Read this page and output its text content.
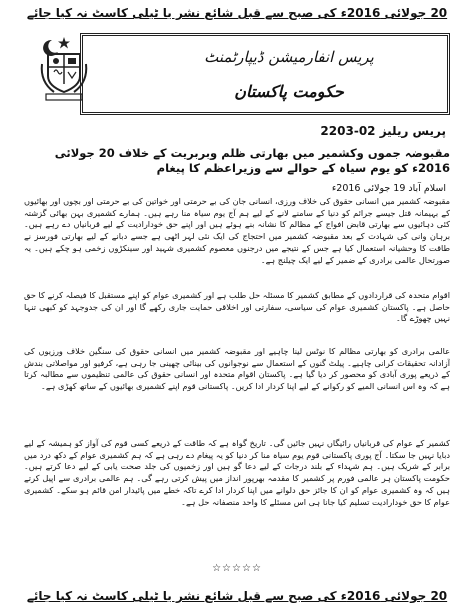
20 جولائی 2016ء کی صبح سے قبل شائع نشر یا ٹیلی کاسٹ نہ کیا جائے
پریس انفارمیشن ڈیپارٹمنٹ
حکومت پاکستان
پریس ریلیز 02-2203
مقبوضہ جموں وکشمیر میں بھارتی ظلم وبربریت کے خلاف 20 جولائی 2016ء کو یوم سیاہ کے حوالے سے وزیراعظم کا پیغام
اسلام آباد 19 جولائی 2016ء
مقبوضہ کشمیر میں انسانی حقوق کی خلاف ورزی، انسانی جان کی بے حرمتی اور خواتین کی بے حرمتی اور بچوں اور بھائیوں کے بہیمانہ قتل جیسے جرائم کو دنیا کے سامنے لانے کے لیے ہم آج یوم سیاہ منا رہے ہیں۔ ہمارے کشمیری بہن بھائی گزشتہ کئی دہائیوں سے بھارتی قابض افواج کے مظالم کا نشانہ بنے ہوئے ہیں اور اپنے حق خودارادیت کے لیے قربانیاں دے رہے ہیں۔ برہان وانی کی شہادت کے بعد مقبوضہ کشمیر میں احتجاج کی ایک نئی لہر اٹھی ہے جسے دبانے کے لیے بھارتی فورسز نے طاقت کا وحشیانہ استعمال کیا ہے جس کے نتیجے میں درجنوں معصوم کشمیری شہید اور سینکڑوں زخمی ہو چکے ہیں۔ یہ صورتحال عالمی برادری کے ضمیر کے لیے ایک چیلنج ہے۔
اقوام متحدہ کی قراردادوں کے مطابق کشمیر کا مسئلہ حل طلب ہے اور کشمیری عوام کو اپنے مستقبل کا فیصلہ کرنے کا حق حاصل ہے۔ پاکستان کشمیری عوام کی سیاسی، سفارتی اور اخلاقی حمایت جاری رکھے گا اور ان کی جدوجہد کو کبھی تنہا نہیں چھوڑے گا۔
عالمی برادری کو بھارتی مظالم کا نوٹس لینا چاہیے اور مقبوضہ کشمیر میں انسانی حقوق کی سنگین خلاف ورزیوں کی آزادانہ تحقیقات کرانی چاہیے۔ پیلٹ گنوں کے استعمال سے نوجوانوں کی بینائی چھینی جا رہی ہے، کرفیو اور مواصلاتی بندش کے ذریعے پوری آبادی کو محصور کر دیا گیا ہے۔ پاکستان اقوام متحدہ اور انسانی حقوق کی عالمی تنظیموں سے مطالبہ کرتا ہے کہ وہ اس انسانی المیے کو رکوانے کے لیے اپنا کردار ادا کریں۔ پاکستانی قوم اپنے کشمیری بھائیوں کے ساتھ کھڑی ہے۔
کشمیر کے عوام کی قربانیاں رائیگاں نہیں جائیں گی۔ تاریخ گواہ ہے کہ طاقت کے ذریعے کسی قوم کی آواز کو ہمیشہ کے لیے دبایا نہیں جا سکتا۔ آج پوری پاکستانی قوم یوم سیاہ منا کر دنیا کو یہ پیغام دے رہی ہے کہ ہم کشمیری عوام کے دکھ درد میں برابر کے شریک ہیں۔ ہم شہداء کے بلند درجات کے لیے دعا گو ہیں اور زخمیوں کی جلد صحت یابی کے لیے دعا کرتے ہیں۔ حکومت پاکستان ہر عالمی فورم پر کشمیر کا مقدمہ بھرپور انداز میں پیش کرتی رہے گی۔ ہم عالمی برادری سے اپیل کرتے ہیں کہ وہ کشمیری عوام کو ان کا جائز حق دلوانے میں اپنا کردار ادا کرے تاکہ خطے میں پائیدار امن قائم ہو سکے۔ کشمیری عوام کا حق خودارادیت تسلیم کیا جانا ہی اس مسئلے کا واحد منصفانہ حل ہے۔
☆☆☆☆☆
20 جولائی 2016ء کی صبح سے قبل شائع نشر یا ٹیلی کاسٹ نہ کیا جائے
